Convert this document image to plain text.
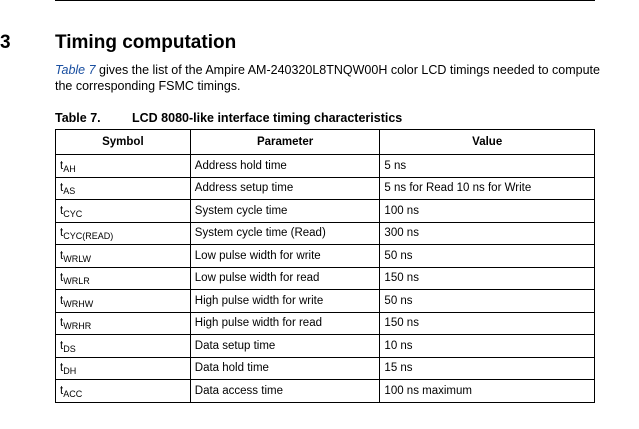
3 Timing computation
Table 7 gives the list of the Ampire AM-240320L8TNQW00H color LCD timings needed to compute the corresponding FSMC timings.
Table 7.	LCD 8080-like interface timing characteristics
Symbol	Parameter	Value
$t_{AH}$	Address hold time	5 ns
$t_{AS}$	Address setup time	5 ns for Read 10 ns for Write
$t_{CYC}$	System cycle time	100 ns
$t_{CYC(READ)}$	System cycle time (Read)	300 ns
$t_{WRLW}$	Low pulse width for write	50 ns
$t_{WRLR}$	Low pulse width for read	150 ns
$t_{WRHW}$	High pulse width for write	50 ns
$t_{WRHR}$	High pulse width for read	150 ns
$t_{DS}$	Data setup time	10 ns
$t_{DH}$	Data hold time	15 ns
$t_{ACC}$	Data access time	100 ns maximum
